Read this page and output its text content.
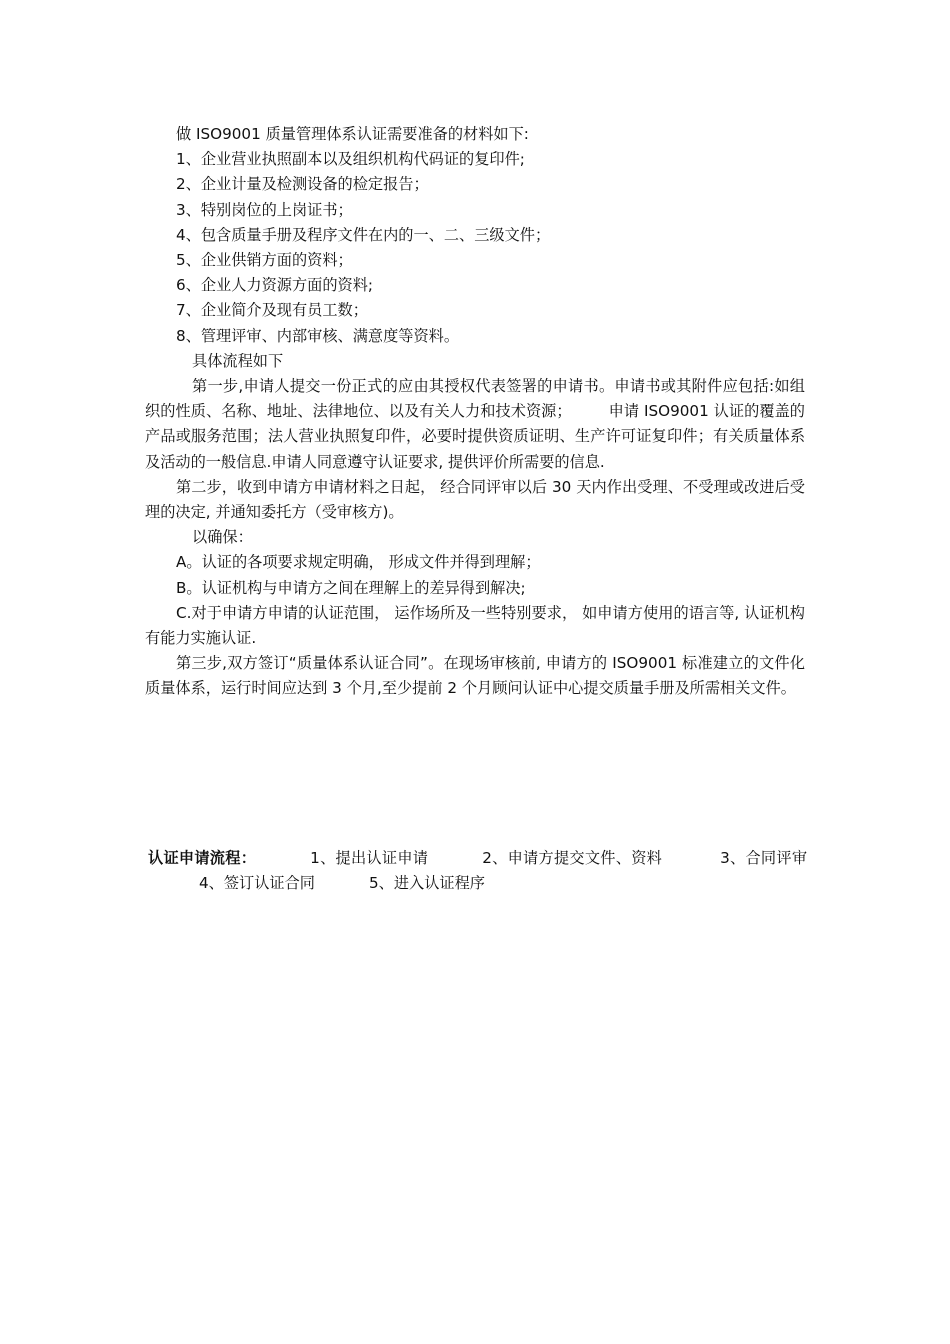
做 ISO9001 质量管理体系认证需要准备的材料如下:
1、企业营业执照副本以及组织机构代码证的复印件;
2、企业计量及检测设备的检定报告；
3、特别岗位的上岗证书；
4、包含质量手册及程序文件在内的一、二、三级文件；
5、企业供销方面的资料；
6、企业人力资源方面的资料;
7、企业简介及现有员工数；
8、管理评审、内部审核、满意度等资料。
具体流程如下
第一步,申请人提交一份正式的应由其授权代表签署的申请书。申请书或其附件应包括:如组织的性质、名称、地址、法律地位、以及有关人力和技术资源； 申请 ISO9001 认证的覆盖的产品或服务范围；法人营业执照复印件，必要时提供资质证明、生产许可证复印件；有关质量体系及活动的一般信息.申请人同意遵守认证要求, 提供评价所需要的信息.
第二步，收到申请方申请材料之日起， 经合同评审以后 30 天内作出受理、不受理或改进后受理的决定, 并通知委托方（受审核方)。
以确保：
A。认证的各项要求规定明确， 形成文件并得到理解；
B。认证机构与申请方之间在理解上的差异得到解决;
C.对于申请方申请的认证范围， 运作场所及一些特别要求， 如申请方使用的语言等, 认证机构有能力实施认证.
第三步,双方签订“质量体系认证合同”。在现场审核前, 申请方的 ISO9001 标准建立的文件化质量体系，运行时间应达到 3 个月,至少提前 2 个月顾问认证中心提交质量手册及所需相关文件。
认证申请流程：	1、提出认证申请	2、申请方提交文件、资料	3、合同评审4、签订认证合同	5、进入认证程序
